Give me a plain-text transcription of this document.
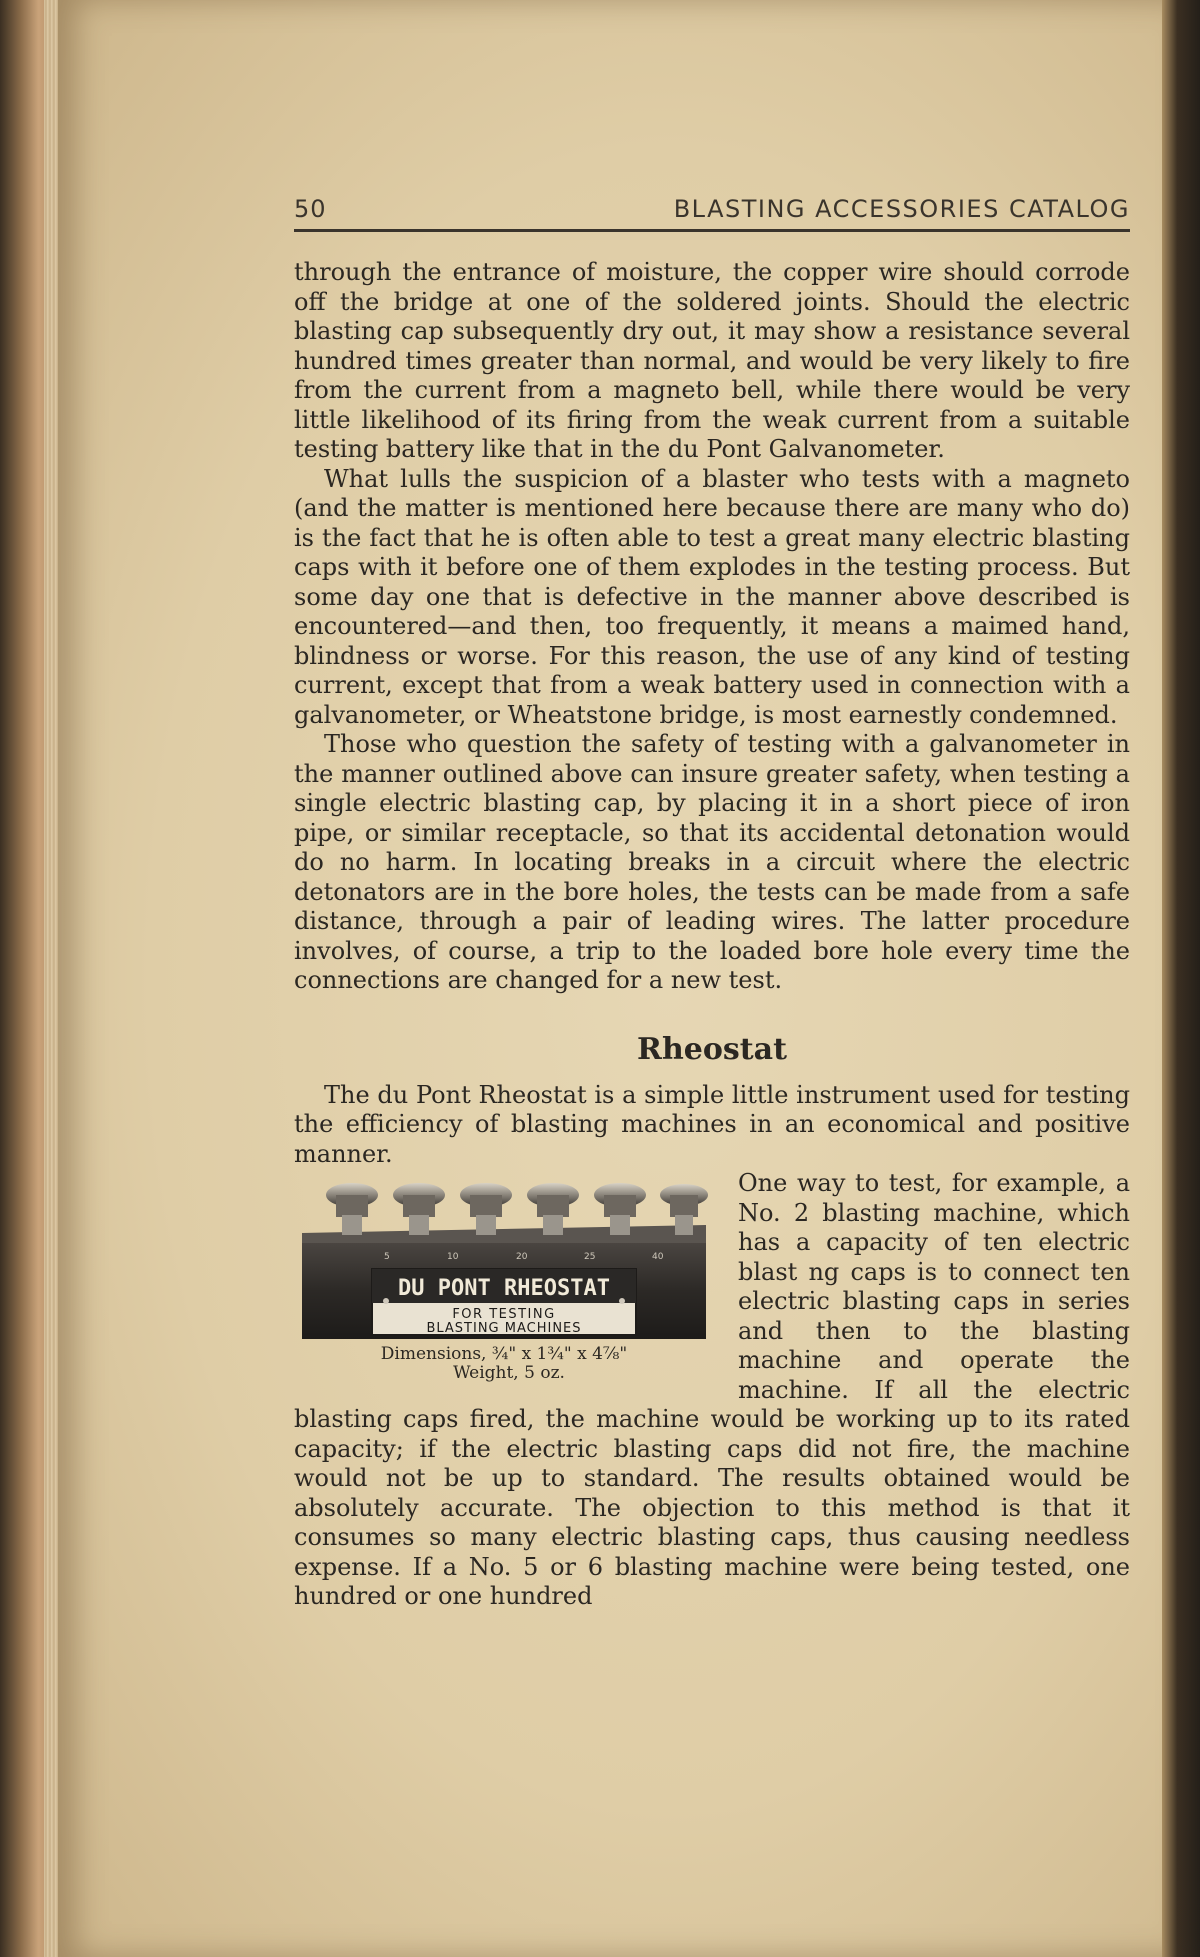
50	BLASTING ACCESSORIES CATALOG

through the entrance of moisture, the copper wire should corrode off the bridge at one of the soldered joints. Should the electric blasting cap subsequently dry out, it may show a resistance several hundred times greater than normal, and would be very likely to fire from the current from a magneto bell, while there would be very little likelihood of its firing from the weak current from a suitable testing battery like that in the du Pont Galvanometer.

What lulls the suspicion of a blaster who tests with a magneto (and the matter is mentioned here because there are many who do) is the fact that he is often able to test a great many electric blasting caps with it before one of them explodes in the testing process. But some day one that is defective in the manner above described is encountered—and then, too frequently, it means a maimed hand, blindness or worse. For this reason, the use of any kind of testing current, except that from a weak battery used in connection with a galvanometer, or Wheatstone bridge, is most earnestly condemned.

Those who question the safety of testing with a galvanometer in the manner outlined above can insure greater safety, when testing a single electric blasting cap, by placing it in a short piece of iron pipe, or similar receptacle, so that its accidental detonation would do no harm. In locating breaks in a circuit where the electric detonators are in the bore holes, the tests can be made from a safe distance, through a pair of leading wires. The latter procedure involves, of course, a trip to the loaded bore hole every time the connections are changed for a new test.

Rheostat

The du Pont Rheostat is a simple little instrument used for testing the efficiency of blasting machines in an economical and positive manner.

5	10	20	25	40
DU PONT RHEOSTAT
FOR TESTING
BLASTING MACHINES
Dimensions, ¾" x 1¾" x 4⅞"
Weight, 5 oz.

One way to test, for example, a No. 2 blasting machine, which has a capacity of ten electric blast ng caps is to connect ten electric blasting caps in series and then to the blasting machine and operate the machine. If all the electric blasting caps fired, the machine would be working up to its rated capacity; if the electric blasting caps did not fire, the machine would not be up to standard. The results obtained would be absolutely accurate. The objection to this method is that it consumes so many electric blasting caps, thus causing needless expense. If a No. 5 or 6 blasting machine were being tested, one hundred or one hundred
